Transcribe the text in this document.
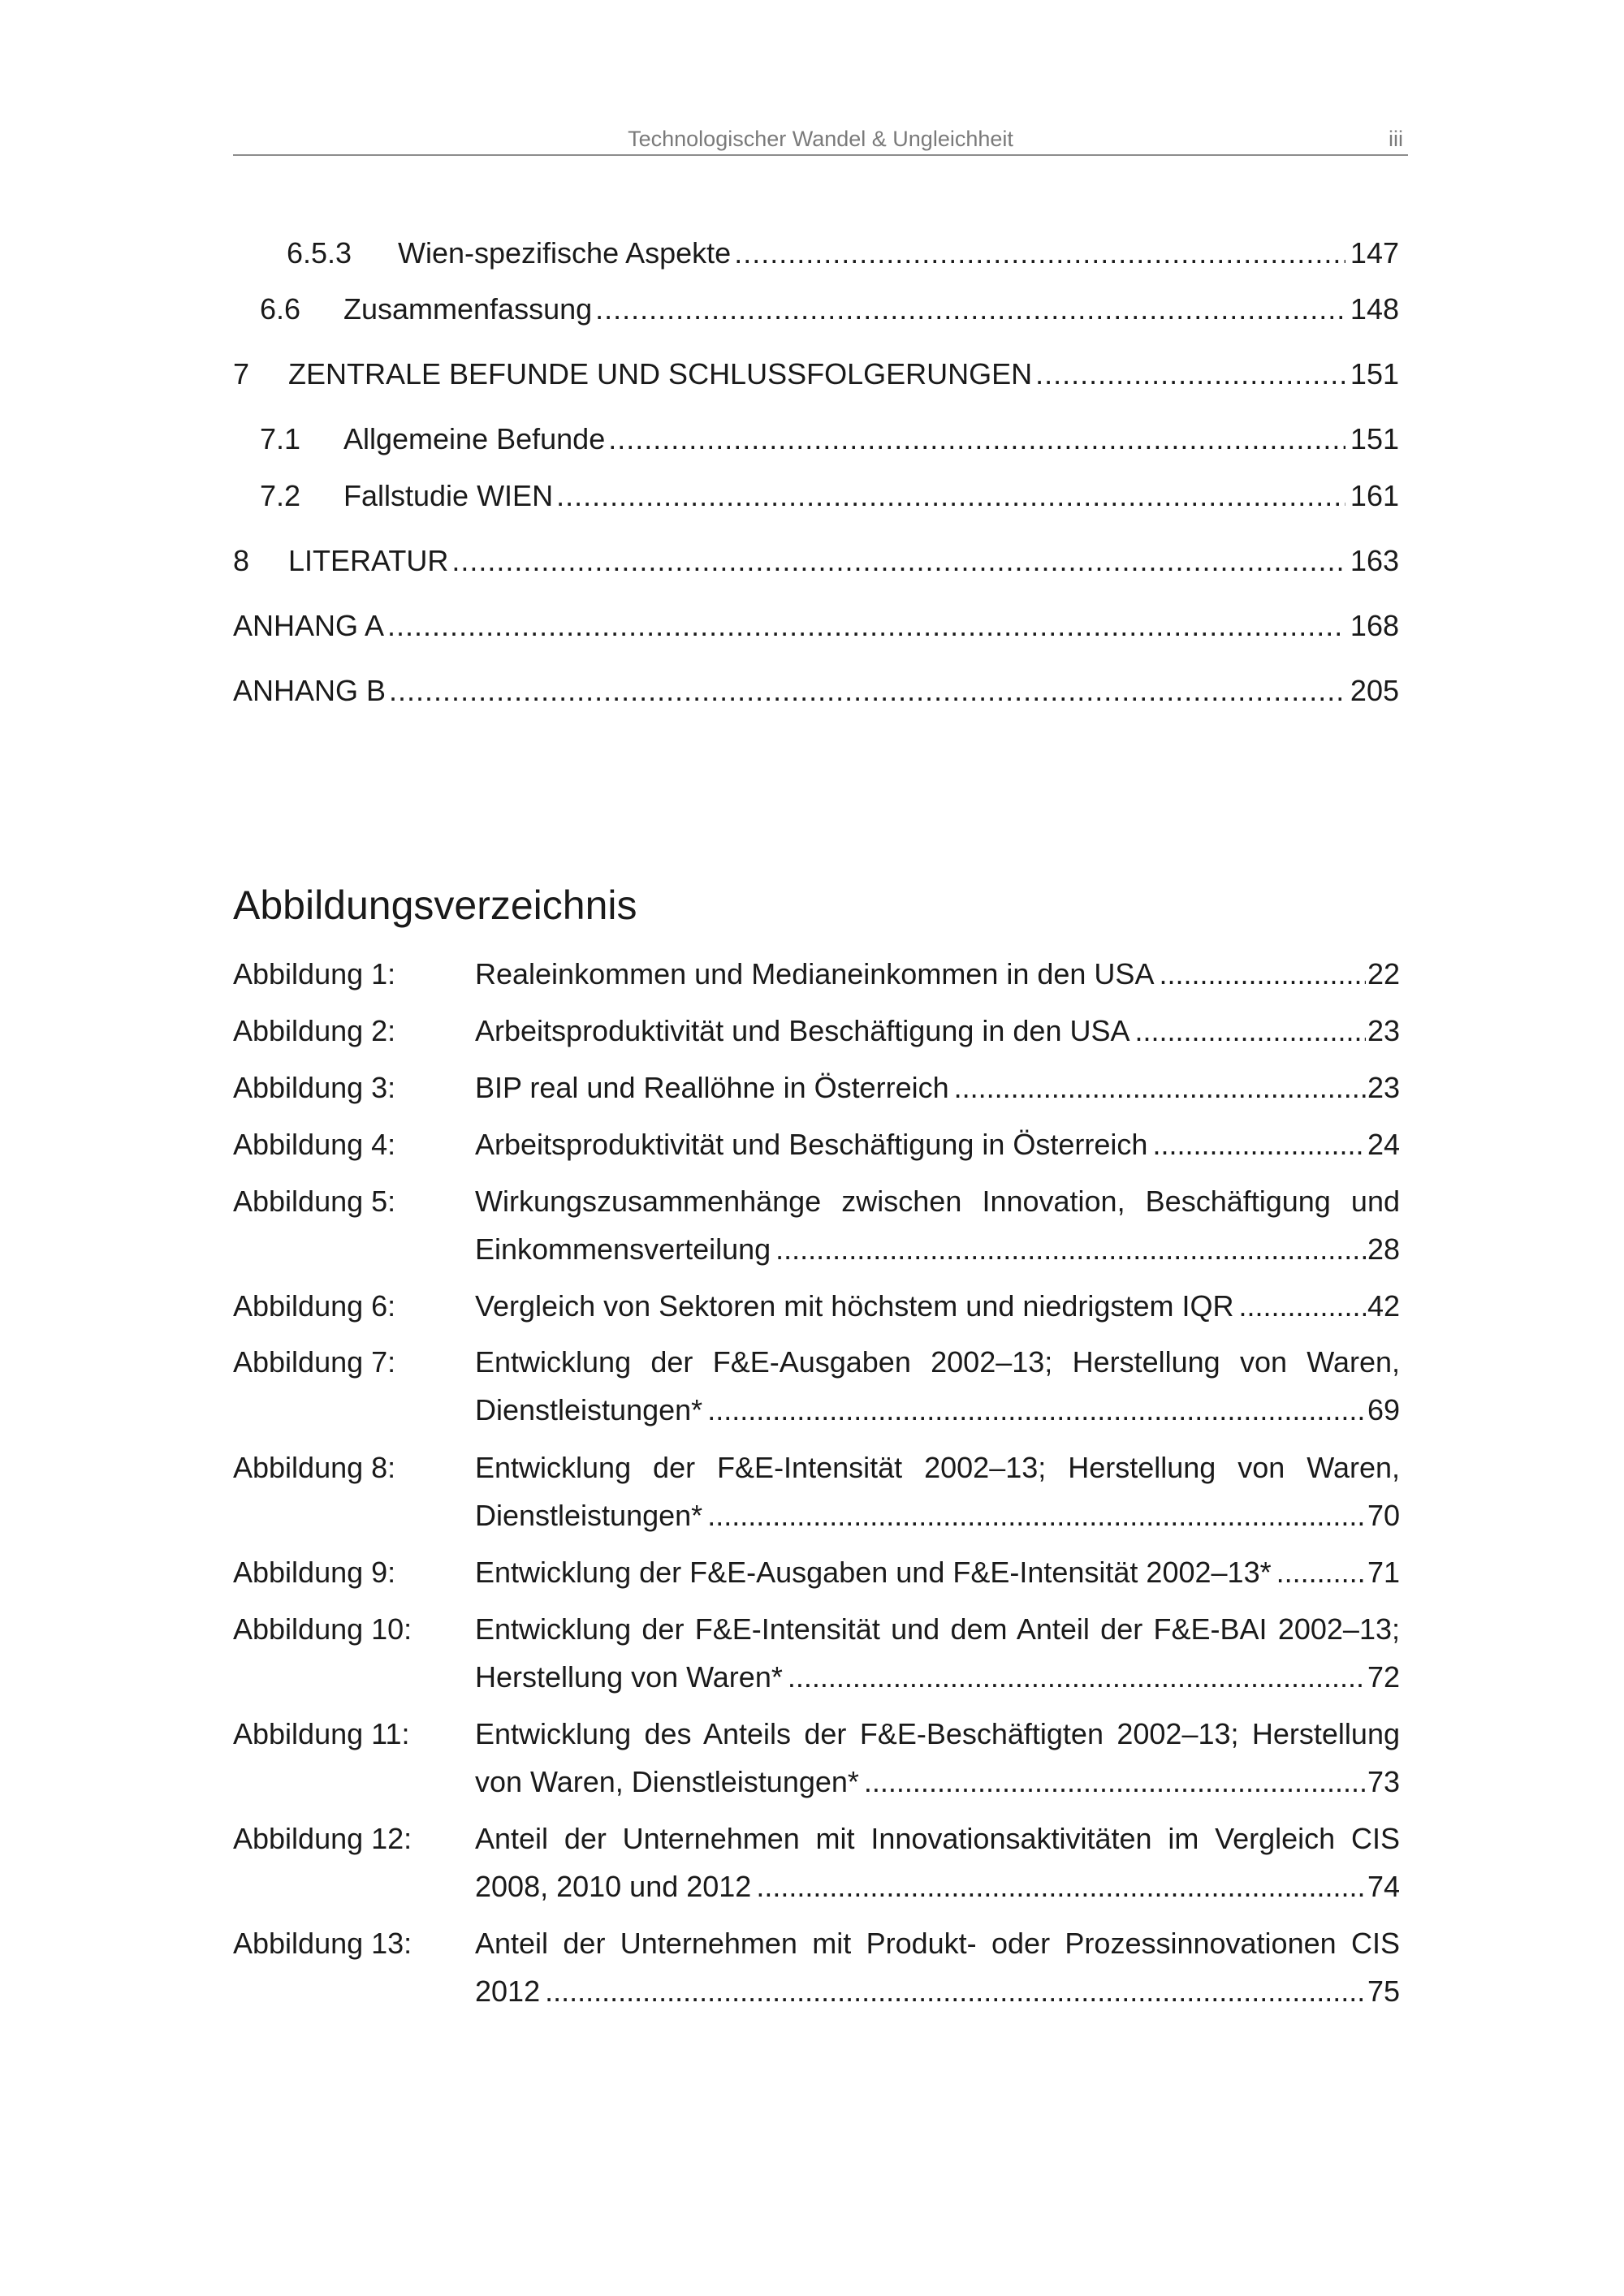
Technologischer Wandel & Ungleichheit	iii
6.5.3	Wien-spezifische Aspekte .....	147
6.6	Zusammenfassung .....	148
7	ZENTRALE BEFUNDE UND SCHLUSSFOLGERUNGEN .....	151
7.1	Allgemeine Befunde .....	151
7.2	Fallstudie WIEN .....	161
8	LITERATUR .....	163
ANHANG A .....	168
ANHANG B .....	205
Abbildungsverzeichnis
Abbildung 1:	Realeinkommen und Medianeinkommen in den USA .....	22
Abbildung 2:	Arbeitsproduktivität und Beschäftigung in den USA .....	23
Abbildung 3:	BIP real und Reallöhne in Österreich .....	23
Abbildung 4:	Arbeitsproduktivität und Beschäftigung in Österreich .....	24
Abbildung 5:	Wirkungszusammenhänge zwischen Innovation, Beschäftigung und
Einkommensverteilung .....	28
Abbildung 6:	Vergleich von Sektoren mit höchstem und niedrigstem IQR .....	42
Abbildung 7:	Entwicklung der F&E-Ausgaben 2002–13; Herstellung von Waren,
Dienstleistungen* .....	69
Abbildung 8:	Entwicklung der F&E-Intensität 2002–13; Herstellung von Waren,
Dienstleistungen* .....	70
Abbildung 9:	Entwicklung der F&E-Ausgaben und F&E-Intensität 2002–13* .....	71
Abbildung 10: Entwicklung der F&E-Intensität und dem Anteil der F&E-BAI 2002–13;
Herstellung von Waren* .....	72
Abbildung 11: Entwicklung des Anteils der F&E-Beschäftigten 2002–13; Herstellung
von Waren, Dienstleistungen* .....	73
Abbildung 12: Anteil der Unternehmen mit Innovationsaktivitäten im Vergleich CIS
2008, 2010 und 2012 .....	74
Abbildung 13: Anteil der Unternehmen mit Produkt- oder Prozessinnovationen CIS
2012 .....	75
